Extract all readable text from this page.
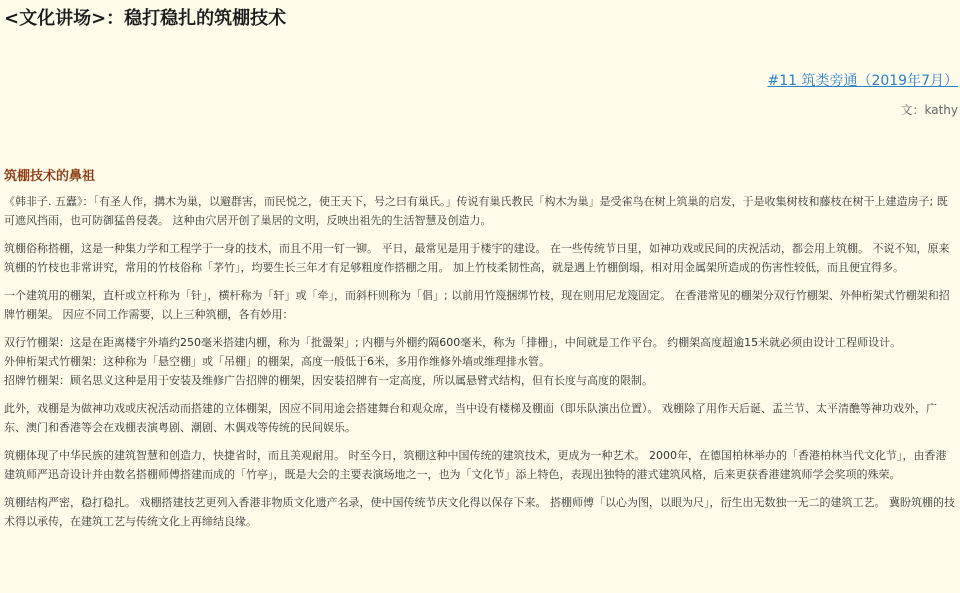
<文化讲场>：稳打稳扎的筑棚技术
#11 筑类旁通（2019年7月）
文：kathy
筑棚技术的鼻祖

《韩非子. 五蠹》：「有圣人作，搆木为巢，以避群害，而民悦之，使王天下，号之曰有巢氏。」传说有巢氏教民「构木为巢」是受雀鸟在树上筑巢的启发，于是收集树枝和藤枝在树干上建造房子; 既可遮风挡雨，也可防御猛兽侵袭。 这种由穴居开创了巢居的文明，反映出祖先的生活智慧及创造力。

筑棚俗称搭棚，这是一种集力学和工程学于一身的技术，而且不用一钉一铆。 平日，最常见是用于楼宇的建设。 在一些传统节日里，如神功戏或民间的庆祝活动，都会用上筑棚。 不说不知，原来筑棚的竹枝也非常讲究，常用的竹枝俗称「茅竹」，均要生长三年才有足够粗度作搭棚之用。 加上竹枝柔韧性高，就是遇上竹棚倒塌，相对用金属架所造成的伤害性较低，而且便宜得多。

一个建筑用的棚架，直杆或立杆称为「针」，横杆称为「轩」或「牵」，而斜杆则称为「倡」; 以前用竹篾捆绑竹枝，现在则用尼龙篾固定。 在香港常见的棚架分双行竹棚架、外伸桁架式竹棚架和招牌竹棚架。 因应不同工作需要，以上三种筑棚，各有妙用：

双行竹棚架：这是在距离楼宇外墙约250毫米搭建内棚，称为「批盪架」; 内棚与外棚约隔600毫米，称为「排栅」，中间就是工作平台。 约棚架高度超逾15米就必须由设计工程师设计。
外伸桁架式竹棚架：这种称为「悬空棚」或「吊棚」的棚架，高度一般低于6米，多用作维修外墙或维理排水管。
招牌竹棚架：顾名思义这种是用于安装及维修广告招牌的棚架，因安装招牌有一定高度，所以属悬臂式结构，但有长度与高度的限制。

此外，戏棚是为做神功戏或庆祝活动而搭建的立体棚架，因应不同用途会搭建舞台和观众席，当中设有楼梯及棚面（即乐队演出位置）。 戏棚除了用作天后诞、盂兰节、太平清醮等神功戏外，广东、澳门和香港等会在戏棚表演粤剧、潮剧、木偶戏等传统的民间娱乐。

筑棚体现了中华民族的建筑智慧和创造力，快捷省时，而且美观耐用。 时至今日，筑棚这种中国传统的建筑技术，更成为一种艺术。 2000年，在德国柏林举办的「香港柏林当代文化节」，由香港建筑师严迅奇设计并由数名搭棚师傅搭建而成的「竹亭」，既是大会的主要表演场地之一，也为「文化节」添上特色，表现出独特的港式建筑风格，后来更获香港建筑师学会奖项的殊荣。

筑棚结构严密，稳打稳扎。 戏棚搭建技艺更列入香港非物质文化遗产名录，使中国传统节庆文化得以保存下来。 搭棚师傅「以心为图，以眼为尺」，衍生出无数独一无二的建筑工艺。 冀盼筑棚的技术得以承传，在建筑工艺与传统文化上再缔结良缘。
